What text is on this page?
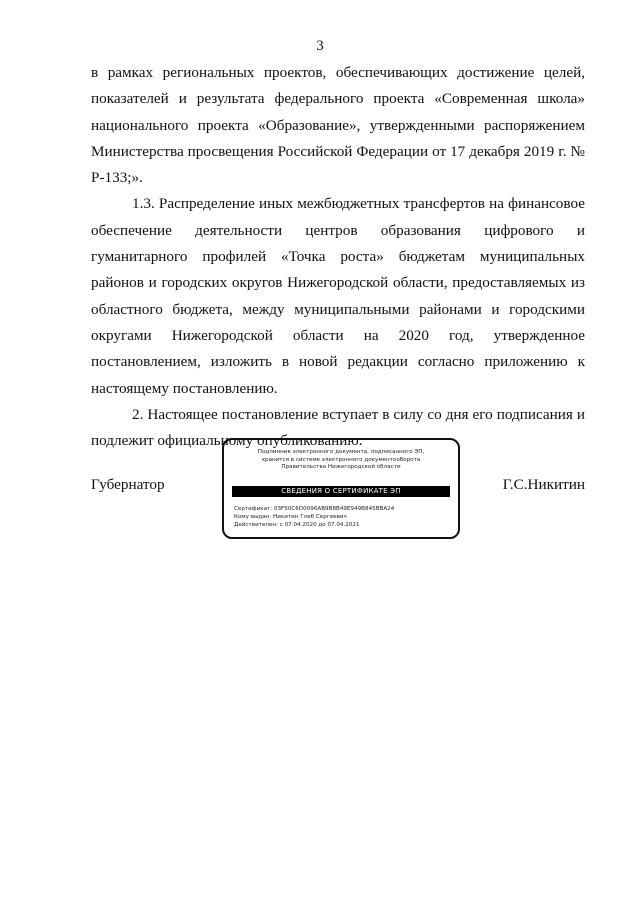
3

в рамках региональных проектов, обеспечивающих достижение целей, показателей и результата федерального проекта «Современная школа» национального проекта «Образование», утвержденными распоряжением Министерства просвещения Российской Федерации от 17 декабря 2019 г. № Р-133;».

1.3. Распределение иных межбюджетных трансфертов на финансовое обеспечение деятельности центров образования цифрового и гуманитарного профилей «Точка роста» бюджетам муниципальных районов и городских округов Нижегородской области, предоставляемых из областного бюджета, между муниципальными районами и городскими округами Нижегородской области на 2020 год, утвержденное постановлением, изложить в новой редакции согласно приложению к настоящему постановлению.

2. Настоящее постановление вступает в силу со дня его подписания и подлежит официальному опубликованию.

Губернатор
Подлинник электронного документа, подписанного ЭП,
хранится в системе электронного документооборота
Правительства Нижегородской области
СВЕДЕНИЯ О СЕРТИФИКАТЕ ЭП
Сертификат: 03F50C6D0096AB9B8B49E949B845BBA24
Кому выдан: Никитин Глеб Сергеевич
Действителен: с 07.04.2020 до 07.04.2021
Г.С.Никитин
